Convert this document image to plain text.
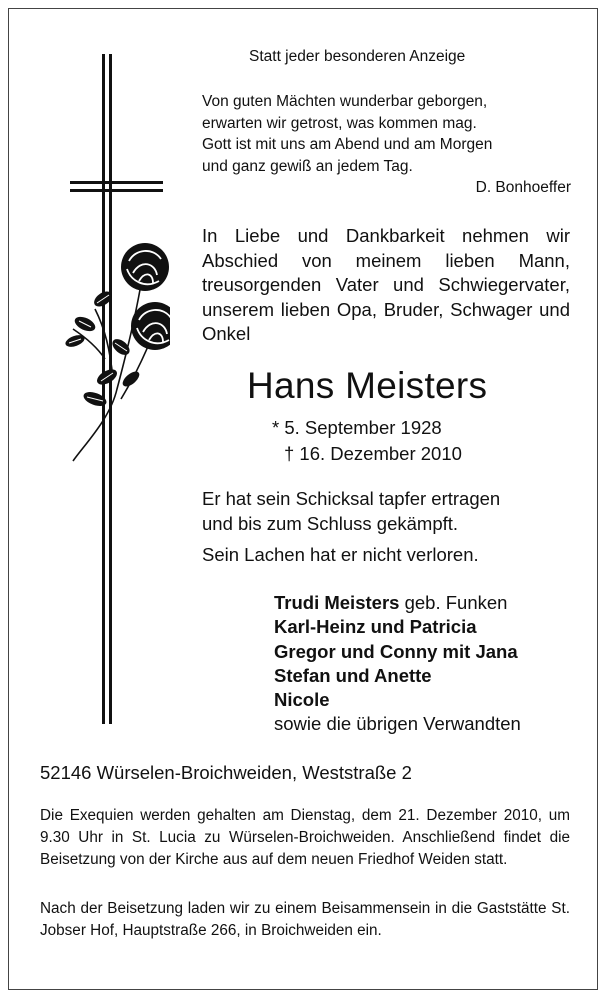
Statt jeder besonderen Anzeige
Von guten Mächten wunderbar geborgen,
erwarten wir getrost, was kommen mag.
Gott ist mit uns am Abend und am Morgen
und ganz gewiß an jedem Tag.
D. Bonhoeffer
In Liebe und Dankbarkeit nehmen wir Abschied von meinem lieben Mann, treusorgenden Vater und Schwiegervater, unserem lieben Opa, Bruder, Schwager und Onkel
Hans Meisters
* 5. September 1928
† 16. Dezember 2010
Er hat sein Schicksal tapfer ertragen
und bis zum Schluss gekämpft.
Sein Lachen hat er nicht verloren.
Trudi Meisters geb. Funken
Karl-Heinz und Patricia
Gregor und Conny mit Jana
Stefan und Anette
Nicole
sowie die übrigen Verwandten
52146 Würselen-Broichweiden, Weststraße 2
Die Exequien werden gehalten am Dienstag, dem 21. Dezember 2010, um 9.30 Uhr in St. Lucia zu Würselen-Broichweiden. Anschließend findet die Beisetzung von der Kirche aus auf dem neuen Friedhof Weiden statt.
Nach der Beisetzung laden wir zu einem Beisammensein in die Gaststätte St. Jobser Hof, Hauptstraße 266, in Broichweiden ein.
